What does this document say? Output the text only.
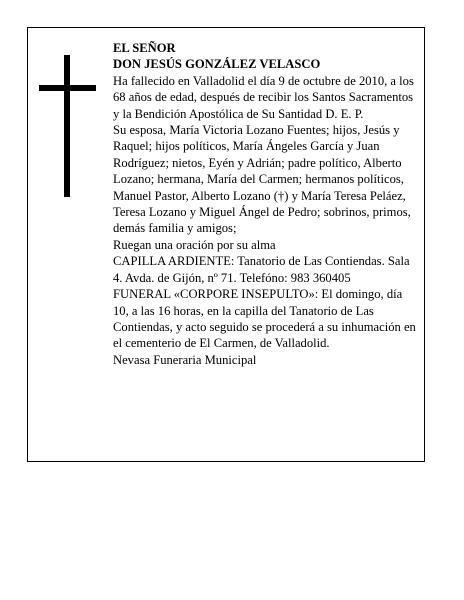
EL SEÑOR

DON JESÚS GONZÁLEZ VELASCO

Ha fallecido en Valladolid el día 9 de octubre de 2010, a los 68 años de edad, después de recibir los Santos Sacramentos y la Bendición Apostólica de Su Santidad D. E. P.

Su esposa, María Victoria Lozano Fuentes; hijos, Jesús y Raquel; hijos políticos, María Ángeles García y Juan Rodríguez; nietos, Eyén y Adrián; padre político, Alberto Lozano; hermana, María del Carmen; hermanos políticos, Manuel Pastor, Alberto Lozano (†) y María Teresa Peláez, Teresa Lozano y Miguel Ángel de Pedro; sobrinos, primos, demás familia y amigos;

Ruegan una oración por su alma

CAPILLA ARDIENTE: Tanatorio de Las Contiendas. Sala 4. Avda. de Gijón, nº 71. Telefóno: 983 360405

FUNERAL «CORPORE INSEPULTO»: El domingo, día 10, a las 16 horas, en la capilla del Tanatorio de Las Contiendas, y acto seguido se procederá a su inhumación en el cementerio de El Carmen, de Valladolid.

Nevasa Funeraria Municipal
